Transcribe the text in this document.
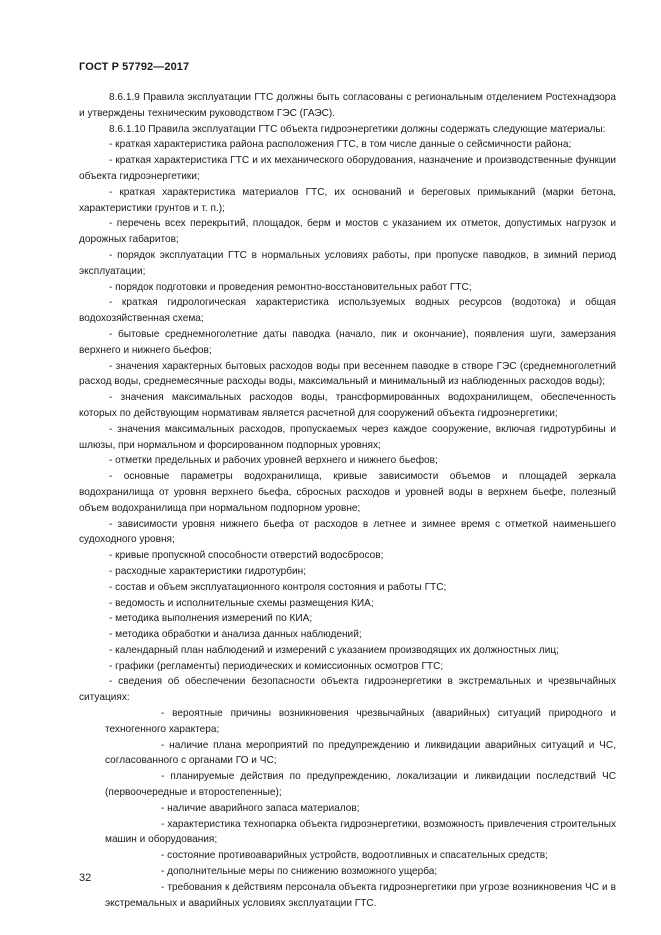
ГОСТ Р 57792—2017

8.6.1.9 Правила эксплуатации ГТС должны быть согласованы с региональным отделением Ростехнадзора и утверждены техническим руководством ГЭС (ГАЭС).

8.6.1.10 Правила эксплуатации ГТС объекта гидроэнергетики должны содержать следующие материалы:

- краткая характеристика района расположения ГТС, в том числе данные о сейсмичности района;

- краткая характеристика ГТС и их механического оборудования, назначение и производственные функции объекта гидроэнергетики;

- краткая характеристика материалов ГТС, их оснований и береговых примыканий (марки бетона, характеристики грунтов и т. п.);

- перечень всех перекрытий, площадок, берм и мостов с указанием их отметок, допустимых нагрузок и дорожных габаритов;

- порядок эксплуатации ГТС в нормальных условиях работы, при пропуске паводков, в зимний период эксплуатации;

- порядок подготовки и проведения ремонтно-восстановительных работ ГТС;

- краткая гидрологическая характеристика используемых водных ресурсов (водотока) и общая водохозяйственная схема;

- бытовые среднемноголетние даты паводка (начало, пик и окончание), появления шуги, замерзания верхнего и нижнего бьефов;

- значения характерных бытовых расходов воды при весеннем паводке в створе ГЭС (среднемноголетний расход воды, среднемесячные расходы воды, максимальный и минимальный из наблюденных расходов воды);

- значения максимальных расходов воды, трансформированных водохранилищем, обеспеченность которых по действующим нормативам является расчетной для сооружений объекта гидроэнергетики;

- значения максимальных расходов, пропускаемых через каждое сооружение, включая гидротурбины и шлюзы, при нормальном и форсированном подпорных уровнях;

- отметки предельных и рабочих уровней верхнего и нижнего бьефов;

- основные параметры водохранилища, кривые зависимости объемов и площадей зеркала водохранилища от уровня верхнего бьефа, сбросных расходов и уровней воды в верхнем бьефе, полезный объем водохранилища при нормальном подпорном уровне;

- зависимости уровня нижнего бьефа от расходов в летнее и зимнее время с отметкой наименьшего судоходного уровня;

- кривые пропускной способности отверстий водосбросов;

- расходные характеристики гидротурбин;

- состав и объем эксплуатационного контроля состояния и работы ГТС;

- ведомость и исполнительные схемы размещения КИА;

- методика выполнения измерений по КИА;

- методика обработки и анализа данных наблюдений;

- календарный план наблюдений и измерений с указанием производящих их должностных лиц;

- графики (регламенты) периодических и комиссионных осмотров ГТС;

- сведения об обеспечении безопасности объекта гидроэнергетики в экстремальных и чрезвычайных ситуациях:

- вероятные причины возникновения чрезвычайных (аварийных) ситуаций природного и техногенного характера;

- наличие плана мероприятий по предупреждению и ликвидации аварийных ситуаций и ЧС, согласованного с органами ГО и ЧС;

- планируемые действия по предупреждению, локализации и ликвидации последствий ЧС (первоочередные и второстепенные);

- наличие аварийного запаса материалов;

- характеристика технопарка объекта гидроэнергетики, возможность привлечения строительных машин и оборудования;

- состояние противоаварийных устройств, водоотливных и спасательных средств;

- дополнительные меры по снижению возможного ущерба;

- требования к действиям персонала объекта гидроэнергетики при угрозе возникновения ЧС и в экстремальных и аварийных условиях эксплуатации ГТС.

32
